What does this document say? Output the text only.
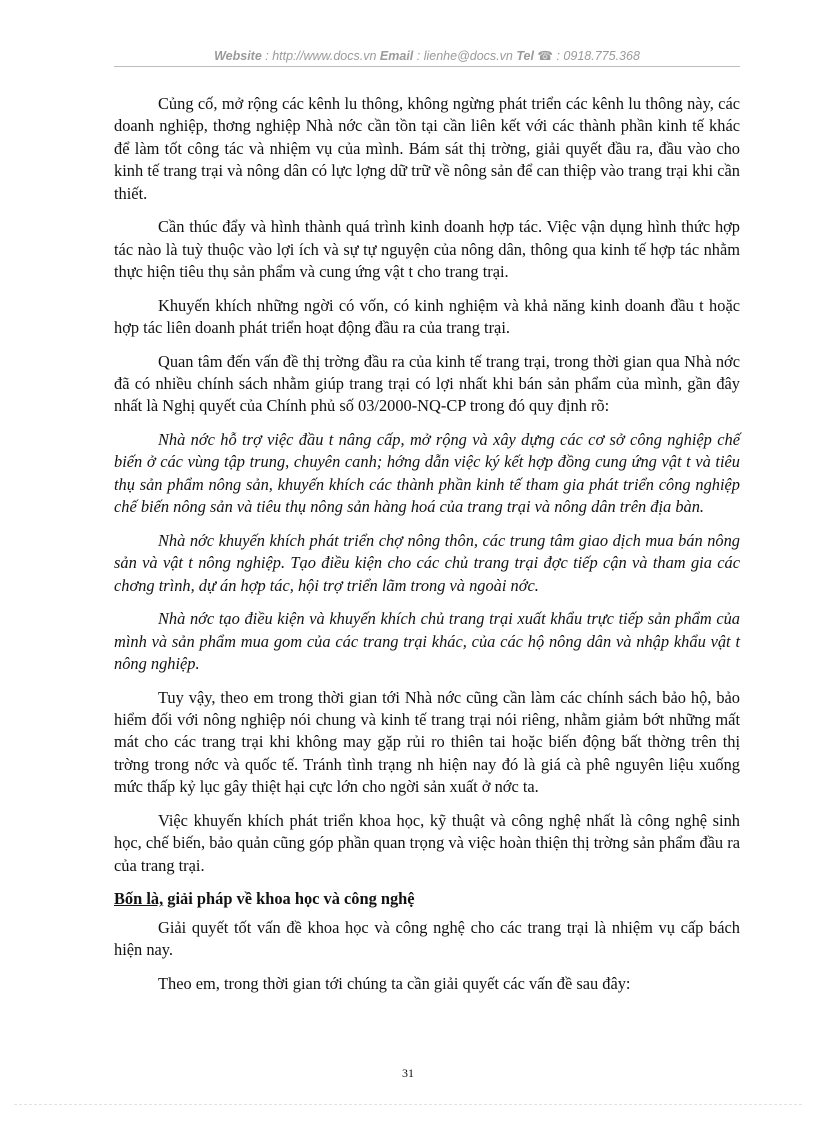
Website : http://www.docs.vn Email : lienhe@docs.vn Tel ☎ : 0918.775.368

Củng cố, mở rộng các kênh lu thông, không ngừng phát triển các kênh lu thông này, các doanh nghiệp, thơng nghiệp Nhà nớc cần tồn tại cần liên kết với các thành phần kinh tế khác để làm tốt công tác và nhiệm vụ của mình. Bám sát thị trờng, giải quyết đầu ra, đầu vào cho kinh tế trang trại và nông dân có lực lợng dữ trữ về nông sản để can thiệp vào trang trại khi cần thiết.

Cần thúc đẩy và hình thành quá trình kinh doanh hợp tác. Việc vận dụng hình thức hợp tác nào là tuỳ thuộc vào lợi ích và sự tự nguyện của nông dân, thông qua kinh tế hợp tác nhằm thực hiện tiêu thụ sản phẩm và cung ứng vật t cho trang trại.

Khuyến khích những ngời có vốn, có kinh nghiệm và khả năng kinh doanh đầu t hoặc hợp tác liên doanh phát triển hoạt động đầu ra của trang trại.

Quan tâm đến vấn đề thị trờng đầu ra của kinh tế trang trại, trong thời gian qua Nhà nớc đã có nhiều chính sách nhằm giúp trang trại có lợi nhất khi bán sản phẩm của mình, gần đây nhất là Nghị quyết của Chính phủ số 03/2000-NQ-CP trong đó quy định rõ:

Nhà nớc hỗ trợ việc đầu t nâng cấp, mở rộng và xây dựng các cơ sở công nghiệp chế biến ở các vùng tập trung, chuyên canh; hớng dẫn việc ký kết hợp đồng cung ứng vật t và tiêu thụ sản phẩm nông sản, khuyến khích các thành phần kinh tế tham gia phát triển công nghiệp chế biến nông sản và tiêu thụ nông sản hàng hoá của trang trại và nông dân trên địa bàn.

Nhà nớc khuyến khích phát triển chợ nông thôn, các trung tâm giao dịch mua bán nông sản và vật t nông nghiệp. Tạo điều kiện cho các chủ trang trại đợc tiếp cận và tham gia các chơng trình, dự án hợp tác, hội trợ triển lãm trong và ngoài nớc.

Nhà nớc tạo điều kiện và khuyến khích chủ trang trại xuất khẩu trực tiếp sản phẩm của mình và sản phẩm mua gom của các trang trại khác, của các hộ nông dân và nhập khẩu vật t nông nghiệp.

Tuy vậy, theo em trong thời gian tới Nhà nớc cũng cần làm các chính sách bảo hộ, bảo hiểm đối với nông nghiệp nói chung và kinh tế trang trại nói riêng, nhằm giảm bớt những mất mát cho các trang trại khi không may gặp rủi ro thiên tai hoặc biến động bất thờng trên thị trờng trong nớc và quốc tế. Tránh tình trạng nh hiện nay đó là giá cà phê nguyên liệu xuống mức thấp kỷ lục gây thiệt hại cực lớn cho ngời sản xuất ở nớc ta.

Việc khuyến khích phát triển khoa học, kỹ thuật và công nghệ nhất là công nghệ sinh học, chế biến, bảo quản cũng góp phần quan trọng và việc hoàn thiện thị trờng sản phẩm đầu ra của trang trại.

Bốn là, giải pháp về khoa học và công nghệ

Giải quyết tốt vấn đề khoa học và công nghệ cho các trang trại là nhiệm vụ cấp bách hiện nay.

Theo em, trong thời gian tới chúng ta cần giải quyết các vấn đề sau đây:

31
